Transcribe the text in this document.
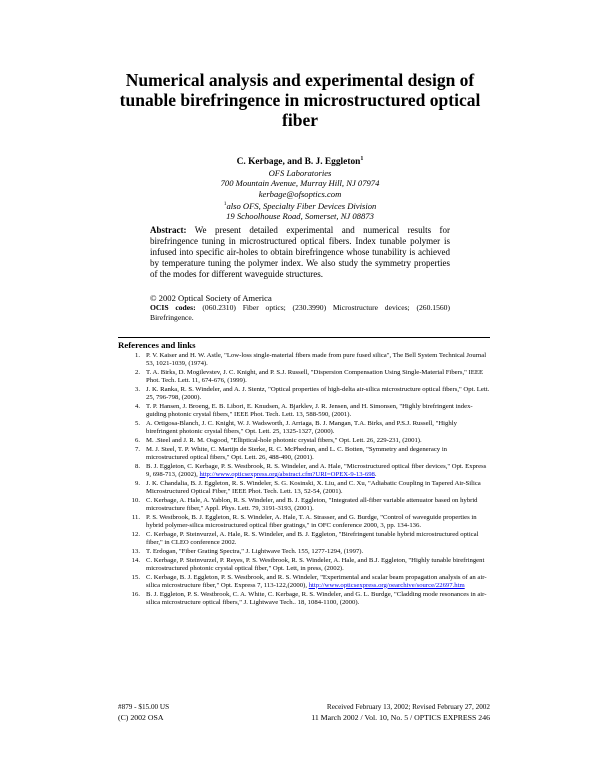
Numerical analysis and experimental design of tunable birefringence in microstructured optical fiber
C. Kerbage, and B. J. Eggleton$^1$
OFS Laboratories
700 Mountain Avenue, Murray Hill, NJ 07974
kerbage@ofsoptics.com
$^1$also OFS, Specialty Fiber Devices Division
19 Schoolhouse Road, Somerset, NJ 08873

Abstract: We present detailed experimental and numerical results for birefringence tuning in microstructured optical fibers. Index tunable polymer is infused into specific air-holes to obtain birefringence whose tunability is achieved by temperature tuning the polymer index. We also study the symmetry properties of the modes for different waveguide structures.

© 2002 Optical Society of America
OCIS codes: (060.2310) Fiber optics; (230.3990) Microstructure devices; (260.1560) Birefringence.
References and links
1. P. V. Kaiser and H. W. Astle, "Low-loss single-material fibers made from pure fused silica", The Bell System Technical Journal 53, 1021-1039, (1974).
2. T. A. Birks, D. Mogilevstev, J. C. Knight, and P. S.J. Russell, "Dispersion Compensation Using Single-Material Fibers," IEEE Phot. Tech. Lett. 11, 674-676, (1999).
3. J. K. Ranka, R. S. Windeler, and A. J. Stentz, "Optical properties of high-delta air-silica microstructure optical fibers," Opt. Lett. 25, 796-798, (2000).
4. T. P. Hansen, J. Broeng, E. B. Libori, E. Knudsen, A. Bjarklev, J. R. Jensen, and H. Simonsen, "Highly birefringent index-guiding photonic crystal fibers," IEEE Phot. Tech. Lett. 13, 588-590, (2001).
5. A. Ortigosa-Blanch, J. C. Knight, W. J. Wadsworth, J. Arriaga, B. J. Mangan, T.A. Birks, and P.S.J. Russell, "Highly birefringent photonic crystal fibers," Opt. Lett. 25, 1325-1327, (2000).
6. M. .Steel and J. R. M. Osgood, "Elliptical-hole photonic crystal fibers," Opt. Lett. 26, 229-231, (2001).
7. M. J. Steel, T. P. White, C. Martijn de Sterke, R. C. McPhedran, and L. C. Botten, "Symmetry and degeneracy in microstructured optical fibers," Opt. Lett. 26, 488-490, (2001).
8. B. J. Eggleton, C. Kerbage, P. S. Westbrook, R. S. Windeler, and A. Hale, "Microstructured optical fiber devices," Opt. Express 9, 698-713, (2002), http://www.opticsexpress.org/abstract.cfm?URI=OPEX-9-13-698.
9. J. K. Chandalia, B. J. Eggleton, R. S. Windeler, S. G. Kosinski, X. Liu, and C. Xu, "Adiabatic Coupling in Tapered Air-Silica Microstructured Optical Fiber," IEEE Phot. Tech. Lett. 13, 52-54, (2001).
10. C. Kerbage, A. Hale, A. Yablon, R. S. Windeler, and B. J. Eggleton, "Integrated all-fiber variable attenuator based on hybrid microstructure fiber," Appl. Phys. Lett. 79, 3191-3193, (2001).
11. P. S. Westbrook, B. J. Eggleton, R. S. Windeler, A. Hale, T. A. Strasser, and G. Burdge, "Control of waveguide properties in hybrid polymer-silica microstructured optical fiber gratings," in OFC conference 2000, 3, pp. 134-136.
12. C. Kerbage, P. Steinvurzel, A. Hale, R. S. Windeler, and B. J. Eggleton, "Birefringent tunable hybrid microstructured optical fiber," in CLEO conference 2002.
13. T. Erdogan, "Fiber Grating Spectra," J. Lightwave Tech. 155, 1277-1294, (1997).
14. C. Kerbage, P. Steinvurzel, P. Reyes, P. S. Westbrook, R. S. Windeler, A. Hale, and B.J. Eggleton, "Highly tunable birefringent microstructured photonic crystal optical fiber," Opt. Lett, in press, (2002).
15. C. Kerbage, B. J. Eggleton, P. S. Westbrook, and R. S. Windeler, "Experimental and scalar beam propagation analysis of an air-silica microstructure fiber," Opt. Express 7, 113-122,(2000), http://www.opticsexpress.org/oearchive/source/22697.htm
16. B. J. Eggleton, P. S. Westbrook, C. A. White, C. Kerbage, R. S. Windeler, and G. L. Burdge, "Cladding mode resonances in air-silica microstructure optical fibers," J. Lightwave Tech.. 18, 1084-1100, (2000).
#879 - $15.00 US	Received February 13, 2002; Revised February 27, 2002
(C) 2002 OSA	11 March 2002 / Vol. 10, No. 5 / OPTICS EXPRESS 246
